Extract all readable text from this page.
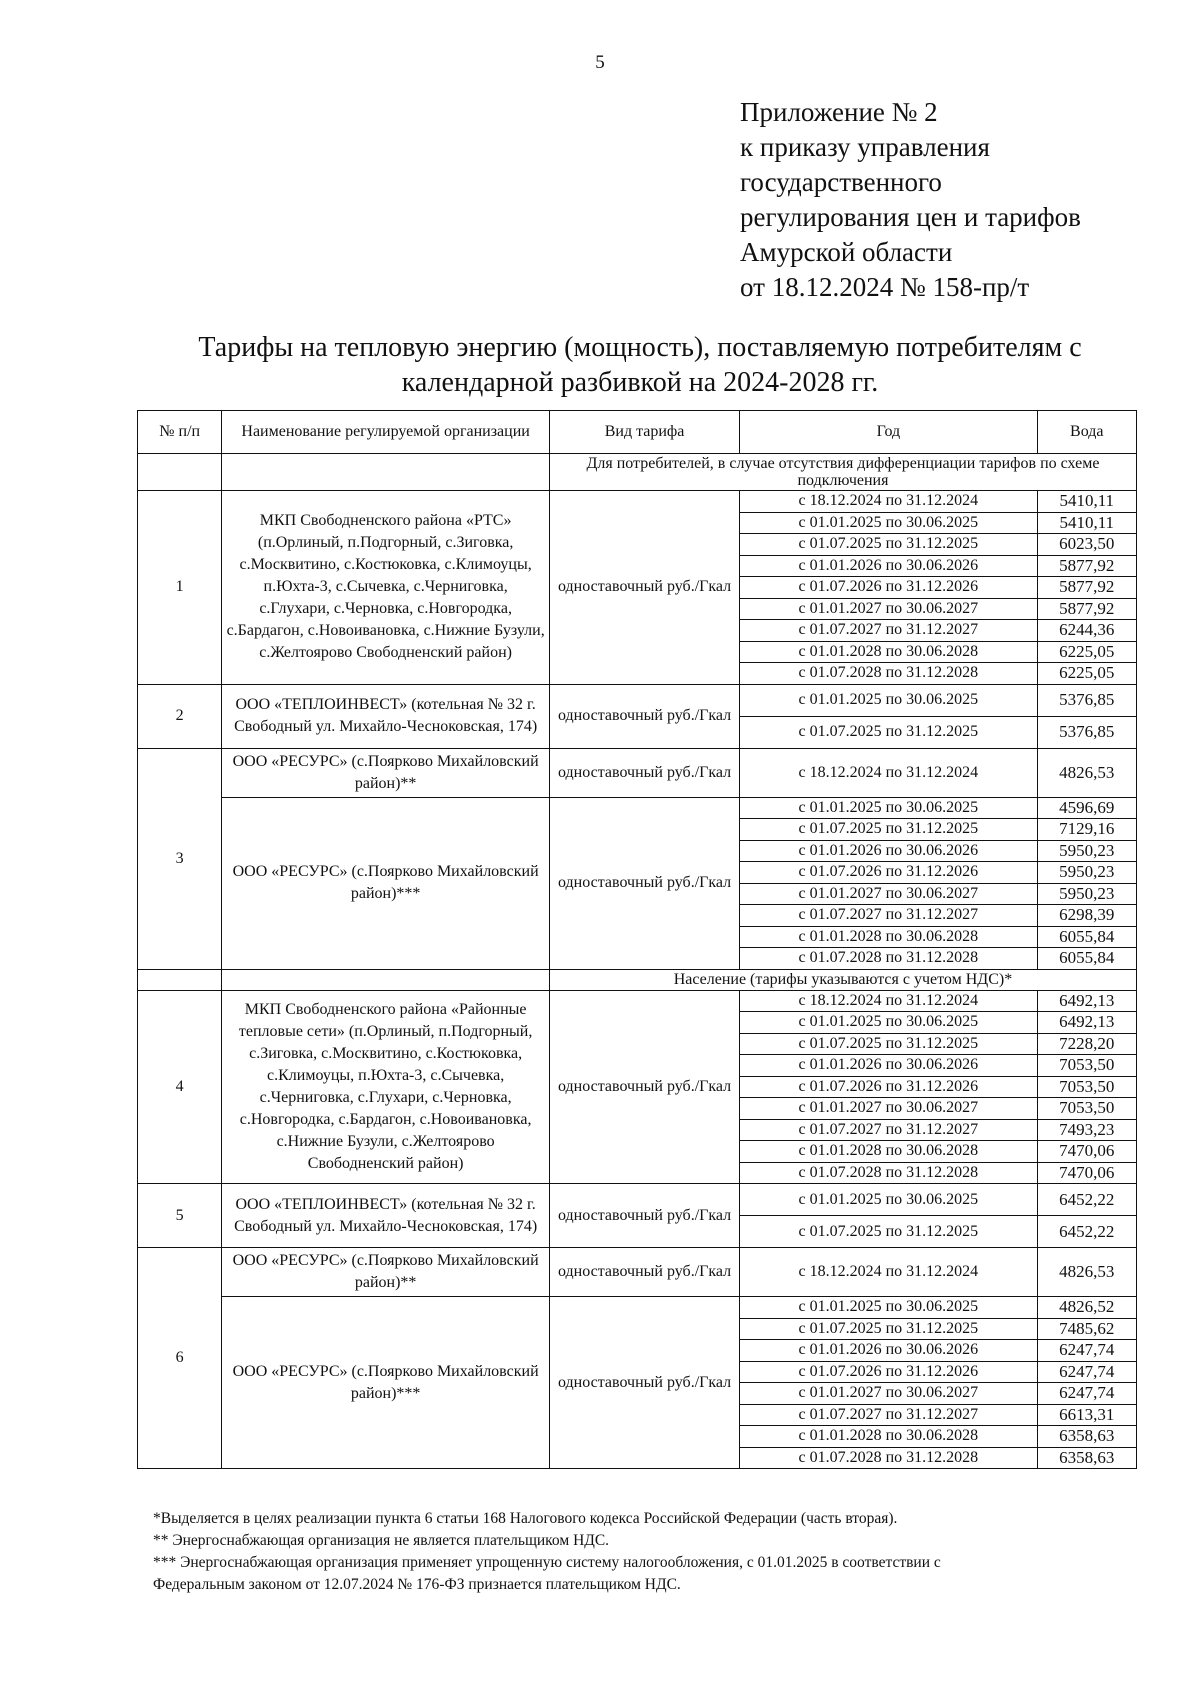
5
Приложение № 2
к приказу управления
государственного
регулирования цен и тарифов
Амурской области
от 18.12.2024 № 158-пр/т
Тарифы на тепловую энергию (мощность), поставляемую потребителям с
календарной разбивкой на 2024-2028 гг.
№ п/п	Наименование регулируемой организации	Вид тарифа	Год	Вода
		Для потребителей, в случае отсутствия дифференциации тарифов по схеме подключения		
1	МКП Свободненского района «РТС» (п.Орлиный, п.Подгорный, с.Зиговка, с.Москвитино, с.Костюковка, с.Климоуцы, п.Юхта-3, с.Сычевка, с.Черниговка, с.Глухари, с.Черновка, с.Новгородка, с.Бардагон, с.Новоивановка, с.Нижние Бузули, с.Желтоярово Свободненский район)	одноставочный руб./Гкал	с 18.12.2024 по 31.12.2024	5410,11
			с 01.01.2025 по 30.06.2025	5410,11
			с 01.07.2025 по 31.12.2025	6023,50
			с 01.01.2026 по 30.06.2026	5877,92
			с 01.07.2026 по 31.12.2026	5877,92
			с 01.01.2027 по 30.06.2027	5877,92
			с 01.07.2027 по 31.12.2027	6244,36
			с 01.01.2028 по 30.06.2028	6225,05
			с 01.07.2028 по 31.12.2028	6225,05
2	ООО «ТЕПЛОИНВЕСТ» (котельная № 32 г. Свободный ул. Михайло-Чесноковская, 174)	одноставочный руб./Гкал	с 01.01.2025 по 30.06.2025	5376,85
			с 01.07.2025 по 31.12.2025	5376,85
3	ООО «РЕСУРС» (с.Поярково Михайловский район)**	одноставочный руб./Гкал	с 18.12.2024 по 31.12.2024	4826,53
	ООО «РЕСУРС» (с.Поярково Михайловский район)***	одноставочный руб./Гкал	с 01.01.2025 по 30.06.2025	4596,69
			с 01.07.2025 по 31.12.2025	7129,16
			с 01.01.2026 по 30.06.2026	5950,23
			с 01.07.2026 по 31.12.2026	5950,23
			с 01.01.2027 по 30.06.2027	5950,23
			с 01.07.2027 по 31.12.2027	6298,39
			с 01.01.2028 по 30.06.2028	6055,84
			с 01.07.2028 по 31.12.2028	6055,84
		Население (тарифы указываются с учетом НДС)*		
4	МКП Свободненского района «Районные тепловые сети» (п.Орлиный, п.Подгорный, с.Зиговка, с.Москвитино, с.Костюковка, с.Климоуцы, п.Юхта-3, с.Сычевка, с.Черниговка, с.Глухари, с.Черновка, с.Новгородка, с.Бардагон, с.Новоивановка, с.Нижние Бузули, с.Желтоярово Свободненский район)	одноставочный руб./Гкал	с 18.12.2024 по 31.12.2024	6492,13
			с 01.01.2025 по 30.06.2025	6492,13
			с 01.07.2025 по 31.12.2025	7228,20
			с 01.01.2026 по 30.06.2026	7053,50
			с 01.07.2026 по 31.12.2026	7053,50
			с 01.01.2027 по 30.06.2027	7053,50
			с 01.07.2027 по 31.12.2027	7493,23
			с 01.01.2028 по 30.06.2028	7470,06
			с 01.07.2028 по 31.12.2028	7470,06
5	ООО «ТЕПЛОИНВЕСТ» (котельная № 32 г. Свободный ул. Михайло-Чесноковская, 174)	одноставочный руб./Гкал	с 01.01.2025 по 30.06.2025	6452,22
			с 01.07.2025 по 31.12.2025	6452,22
6	ООО «РЕСУРС» (с.Поярково Михайловский район)**	одноставочный руб./Гкал	с 18.12.2024 по 31.12.2024	4826,53
	ООО «РЕСУРС» (с.Поярково Михайловский район)***	одноставочный руб./Гкал	с 01.01.2025 по 30.06.2025	4826,52
			с 01.07.2025 по 31.12.2025	7485,62
			с 01.01.2026 по 30.06.2026	6247,74
			с 01.07.2026 по 31.12.2026	6247,74
			с 01.01.2027 по 30.06.2027	6247,74
			с 01.07.2027 по 31.12.2027	6613,31
			с 01.01.2028 по 30.06.2028	6358,63
			с 01.07.2028 по 31.12.2028	6358,63
*Выделяется в целях реализации пункта 6 статьи 168 Налогового кодекса Российской Федерации (часть вторая).
** Энергоснабжающая организация не является плательщиком НДС.
*** Энергоснабжающая организация применяет упрощенную систему налогообложения, с 01.01.2025 в соответствии с
Федеральным законом от 12.07.2024 № 176-ФЗ признается плательщиком НДС.
